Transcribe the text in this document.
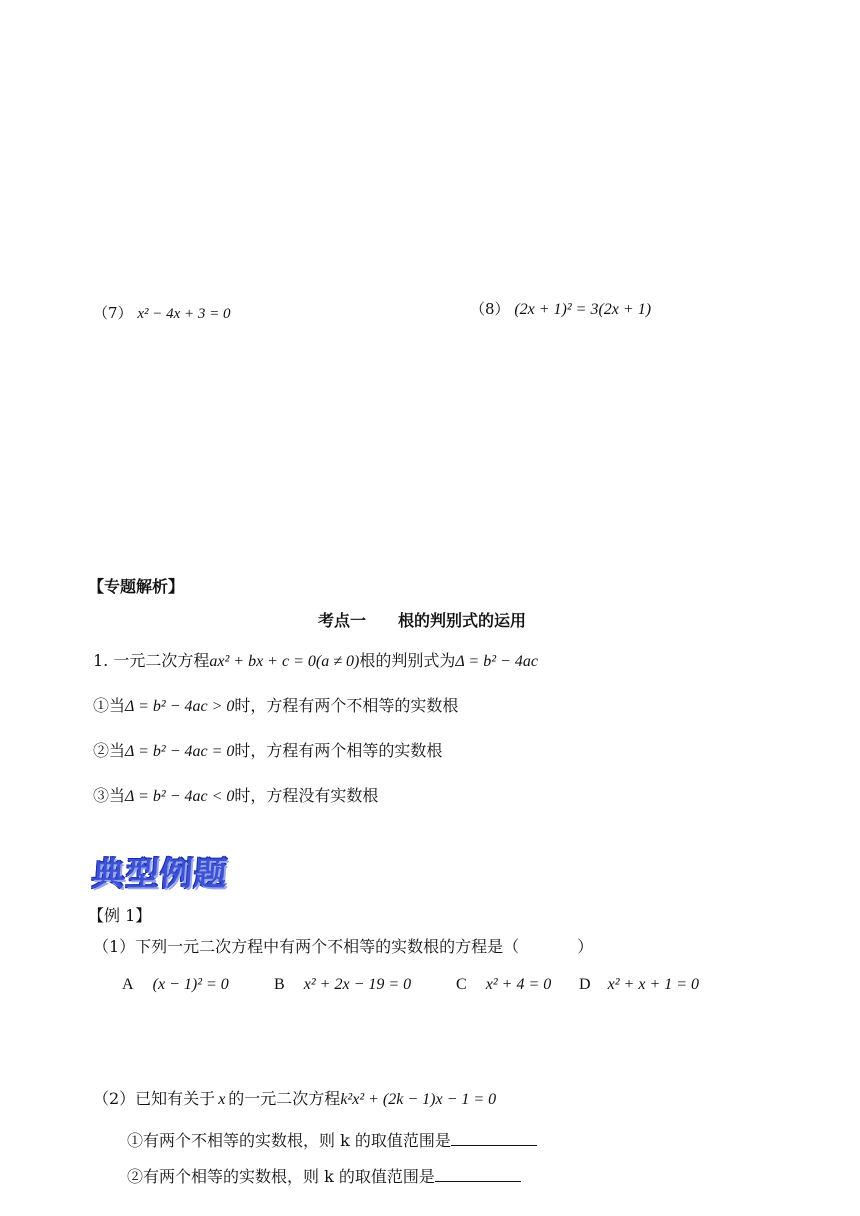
（7） x² − 4x + 3 = 0	（8） (2x + 1)² = 3(2x + 1)
【专题解析】
考点一　　根的判别式的运用
1. 一元二次方程ax² + bx + c = 0(a ≠ 0)根的判别式为Δ = b² − 4ac
①当Δ = b² − 4ac > 0时，方程有两个不相等的实数根
②当Δ = b² − 4ac = 0时，方程有两个相等的实数根
③当Δ = b² − 4ac < 0时，方程没有实数根
典型例题
【例 1】
（1）下列一元二次方程中有两个不相等的实数根的方程是（	）
A (x − 1)² = 0	B x² + 2x − 19 = 0	C x² + 4 = 0 D x² + x + 1 = 0
（2）已知有关于 x 的一元二次方程k²x² + (2k − 1)x − 1 = 0
①有两个不相等的实数根，则 k 的取值范围是
②有两个相等的实数根，则 k 的取值范围是
